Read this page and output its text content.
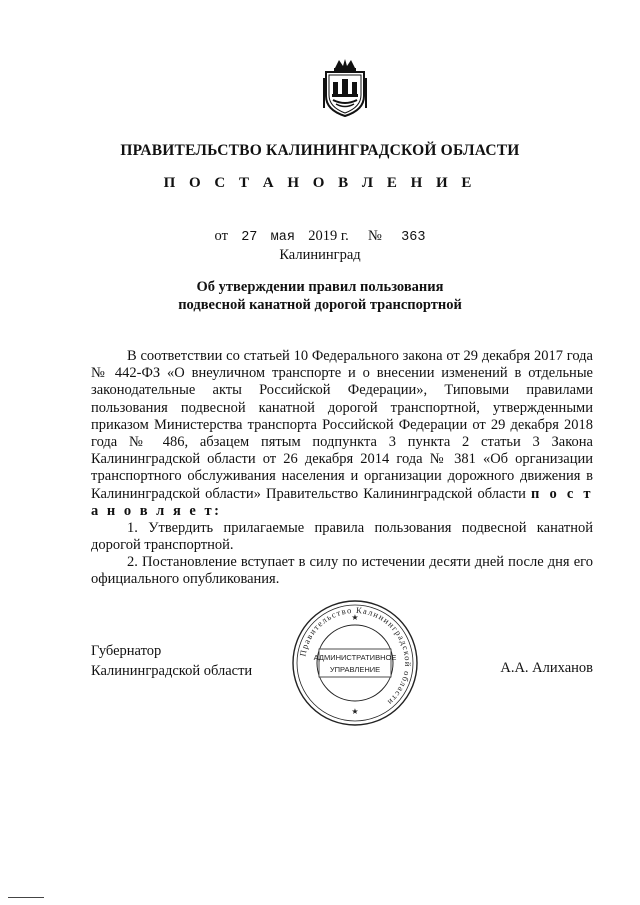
ПРАВИТЕЛЬСТВО КАЛИНИНГРАДСКОЙ ОБЛАСТИ
П О С Т А Н О В Л Е Н И Е
от 27 мая 2019 г. № 363
Калининград
Об утверждении правил пользования
подвесной канатной дорогой транспортной
В соответствии со статьей 10 Федерального закона от 29 декабря 2017 года № 442-ФЗ «О внеуличном транспорте и о внесении изменений в отдельные законодательные акты Российской Федерации», Типовыми правилами пользования подвесной канатной дорогой транспортной, утвержденными приказом Министерства транспорта Российской Федерации от 29 декабря 2018 года № 486, абзацем пятым подпункта 3 пункта 2 статьи 3 Закона Калининградской области от 26 декабря 2014 года № 381 «Об организации транспортного обслуживания населения и организации дорожного движения в Калининградской области» Правительство Калининградской области п о с т а н о в л я е т:
1. Утвердить прилагаемые правила пользования подвесной канатной дорогой транспортной.
2. Постановление вступает в силу по истечении десяти дней после дня его официального опубликования.
Губернатор
Калининградской области	А.А. Алиханов
Правительство Калининградской области
АДМИНИСТРАТИВНОЕ
УПРАВЛЕНИЕ
★
★
